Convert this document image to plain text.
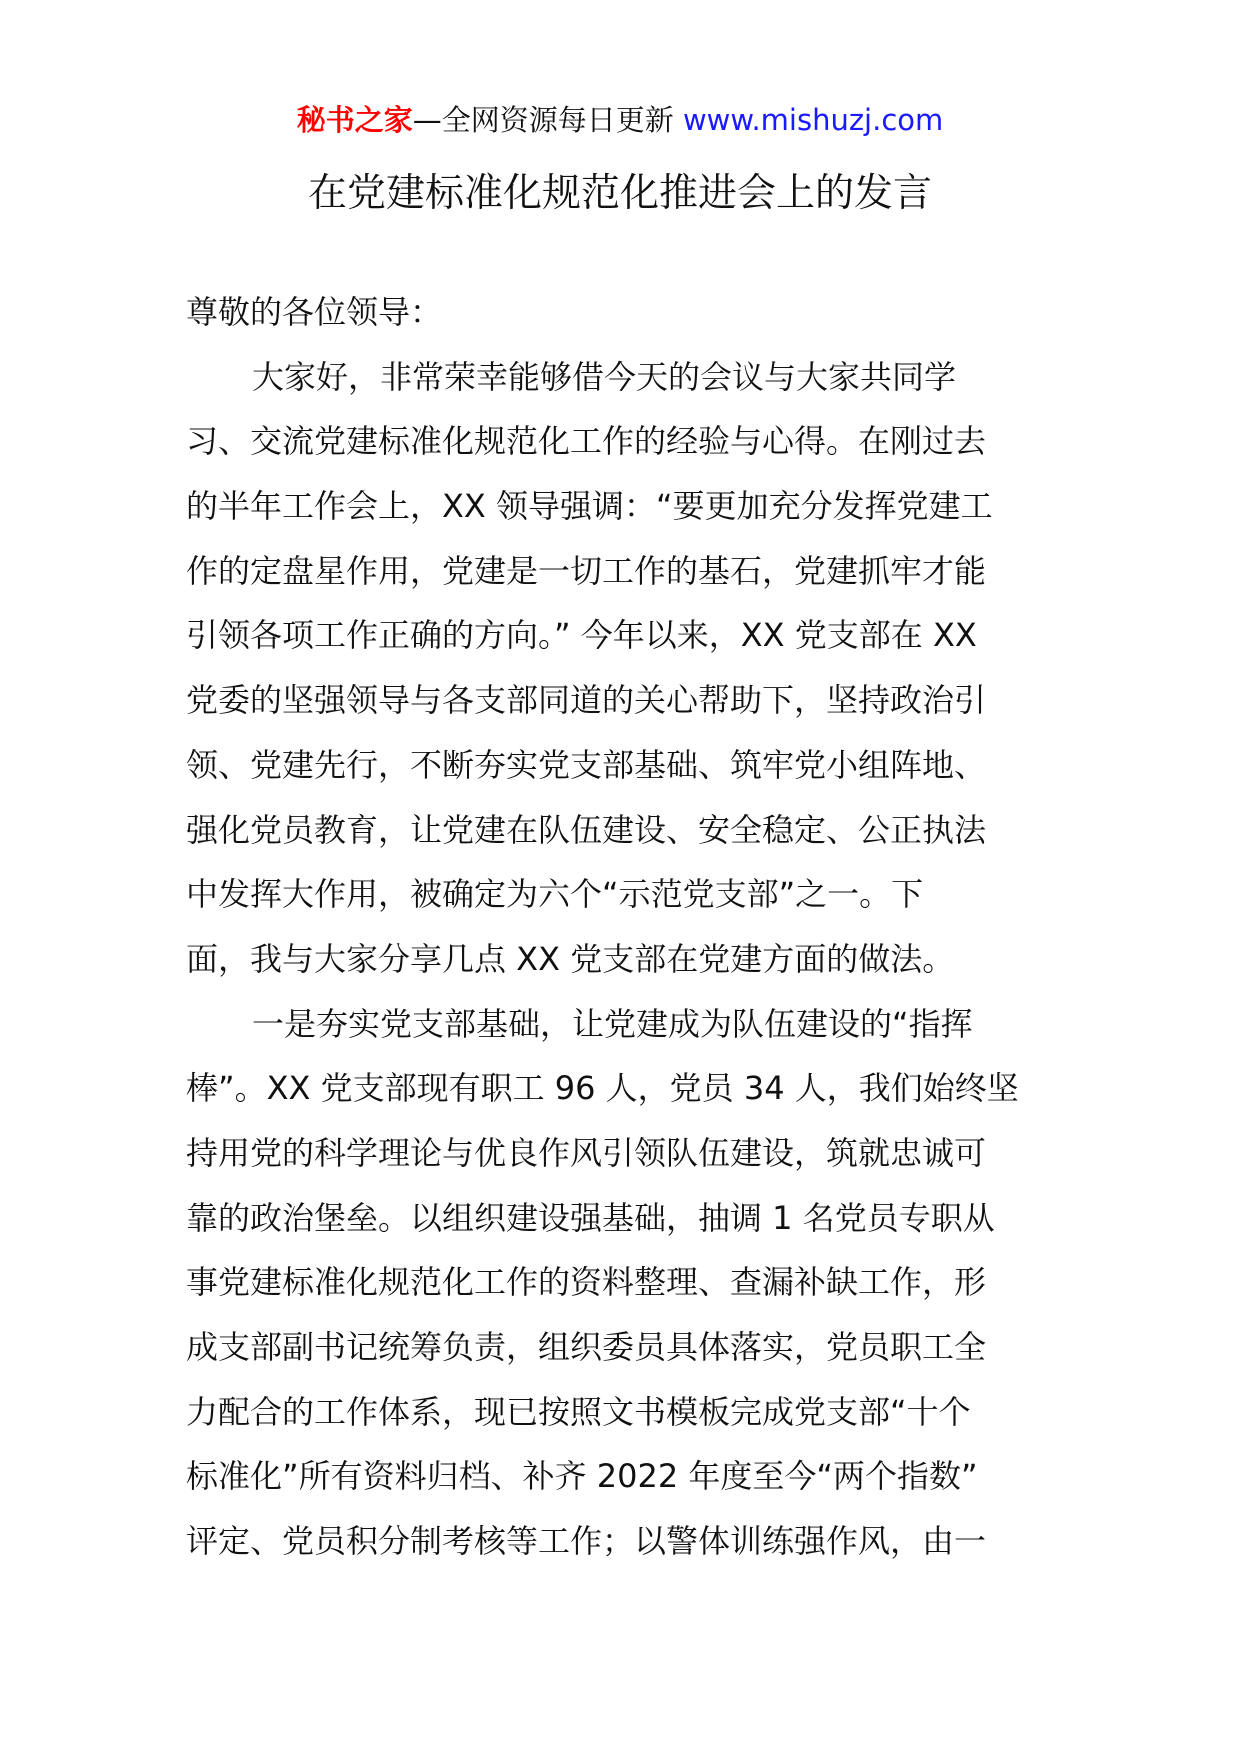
秘书之家—全网资源每日更新 www.mishuzj.com
在党建标准化规范化推进会上的发言
尊敬的各位领导：
大家好，非常荣幸能够借今天的会议与大家共同学
习、交流党建标准化规范化工作的经验与心得。在刚过去
的半年工作会上，XX 领导强调：“要更加充分发挥党建工
作的定盘星作用，党建是一切工作的基石，党建抓牢才能
引领各项工作正确的方向。” 今年以来，XX 党支部在 XX
党委的坚强领导与各支部同道的关心帮助下，坚持政治引
领、党建先行，不断夯实党支部基础、筑牢党小组阵地、
强化党员教育，让党建在队伍建设、安全稳定、公正执法
中发挥大作用，被确定为六个“示范党支部”之一。下
面，我与大家分享几点 XX 党支部在党建方面的做法。
一是夯实党支部基础，让党建成为队伍建设的“指挥
棒”。XX 党支部现有职工 96 人，党员 34 人，我们始终坚
持用党的科学理论与优良作风引领队伍建设，筑就忠诚可
靠的政治堡垒。以组织建设强基础，抽调 1 名党员专职从
事党建标准化规范化工作的资料整理、查漏补缺工作，形
成支部副书记统筹负责，组织委员具体落实，党员职工全
力配合的工作体系，现已按照文书模板完成党支部“十个
标准化”所有资料归档、补齐 2022 年度至今“两个指数”
评定、党员积分制考核等工作；以警体训练强作风，由一
